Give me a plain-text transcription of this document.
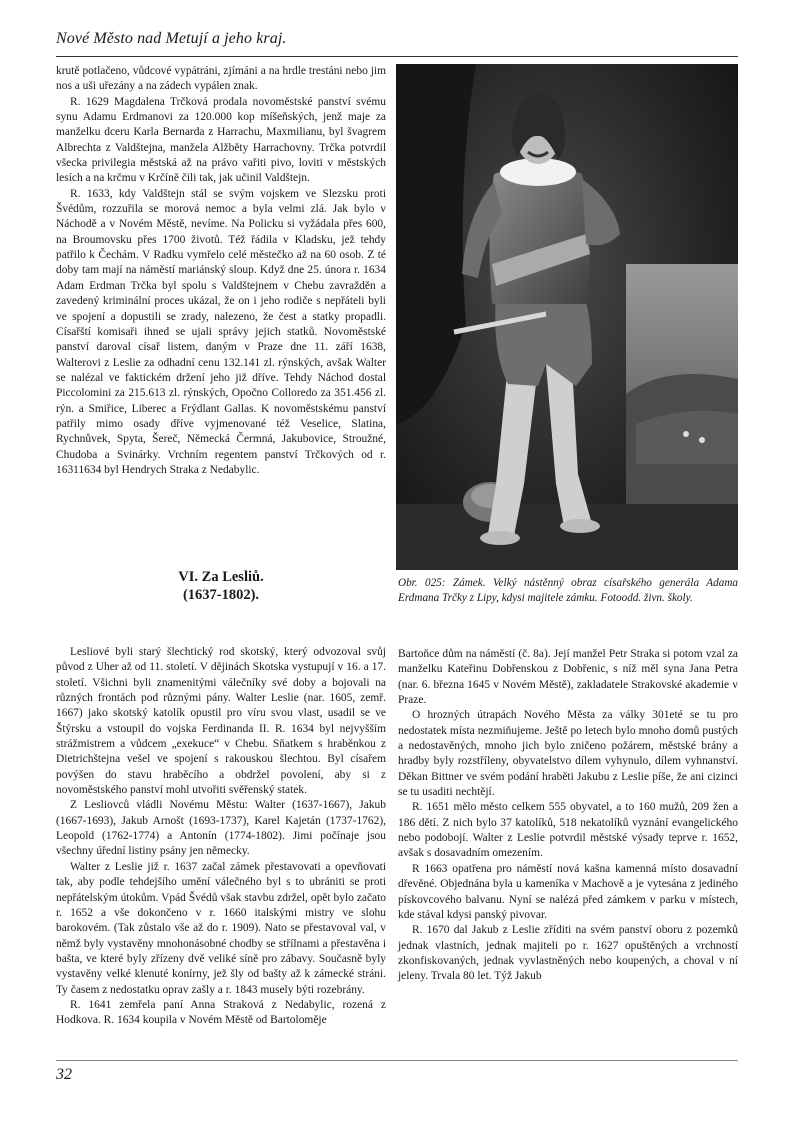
Nové Město nad Metují a jeho kraj.

krutě potlačeno, vůdcové vypátráni, zjímáni a na hrdle trestáni nebo jim nos a uši uřezány a na zádech vypálen znak.

R. 1629 Magdalena Trčková prodala novoměstské panství svému synu Adamu Erdmanovi za 120.000 kop míšeňských, jenž maje za manželku dceru Karla Bernarda z Harrachu, Maxmilianu, byl švagrem Albrechta z Valdštejna, manžela Alžběty Harrachovny. Trčka potvrdil všecka privilegia městská až na právo vařiti pivo, loviti v městských lesích a na krčmu v Krčíně čili tak, jak učinil Valdštejn.

R. 1633, kdy Valdštejn stál se svým vojskem ve Slezsku proti Švédům, rozzuřila se morová nemoc a byla velmi zlá. Jak bylo v Náchodě a v Novém Městě, nevíme. Na Policku si vyžádala přes 600, na Broumovsku přes 1700 životů. Též řádila v Kladsku, jež tehdy patřilo k Čechám. V Radku vymřelo celé městečko až na 60 osob. Z té doby tam mají na náměstí mariánský sloup. Když dne 25. února r. 1634 Adam Erdman Trčka byl spolu s Valdštejnem v Chebu zavražděn a zavedený kriminální proces ukázal, že on i jeho rodiče s nepřáteli byli ve spojení a dopustili se zrady, nalezeno, že čest a statky propadli. Císařští komisaři ihned se ujali správy jejich statků. Novoměstské panství daroval císař listem, daným v Praze dne 11. září 1638, Walterovi z Leslie za odhadní cenu 132.141 zl. rýnských, avšak Walter se nalézal ve faktickém držení jeho již dříve. Tehdy Náchod dostal Piccolomini za 215.613 zl. rýnských, Opočno Colloredo za 351.456 zl. rýn. a Smiřice, Liberec a Frýdlant Gallas. K novoměstskému panství patřily mimo osady dříve vyjmenované též Veselice, Slatina, Rychnůvek, Spyta, Šereč, Německá Čermná, Jakubovice, Stroužné, Chudoba a Svinárky. Vrchním regentem panství Trčkových od r. 16311634 byl Hendrych Straka z Nedabylic.

Obr. 025: Zámek. Velký nástěnný obraz císařského generála Adama Erdmana Trčky z Lipy, kdysi majitele zámku. Fotoodd. živn. školy.
VI. Za Lesliů.
(1637-1802).

Lesliové byli starý šlechtický rod skotský, který odvozoval svůj původ z Uher až od 11. století. V dějinách Skotska vystupují v 16. a 17. století. Všichni byli znamenitými válečníky své doby a bojovali na různých frontách pod různými pány. Walter Leslie (nar. 1605, zemř. 1667) jako skotský katolík opustil pro víru svou vlast, usadil se ve Štýrsku a vstoupil do vojska Ferdinanda II. R. 1634 byl nejvyšším strážmistrem a vůdcem „exekuce“ v Chebu. Sňatkem s hraběnkou z Dietrichštejna vešel ve spojení s rakouskou šlechtou. Byl císařem povýšen do stavu hraběcího a obdržel povolení, aby si z novoměstského panství mohl utvořiti svěřenský statek.

Z Lesliovců vládli Novému Městu: Walter (1637-1667), Jakub (1667-1693), Jakub Arnošt (1693-1737), Karel Kajetán (1737-1762), Leopold (1762-1774) a Antonín (1774-1802). Jimi počínaje jsou všechny úřední listiny psány jen německy.

Walter z Leslie již r. 1637 začal zámek přestavovati a opevňovati tak, aby podle tehdejšího umění válečného byl s to ubrániti se proti nepřátelským útokům. Vpád Švédů však stavbu zdržel, opět bylo začato r. 1652 a vše dokončeno v r. 1660 italskými mistry ve slohu barokovém. (Tak zůstalo vše až do r. 1909). Nato se přestavoval val, v němž byly vystavěny mnohonásobné chodby se střílnami a přestavěna i bašta, ve které byly zřízeny dvě veliké síně pro zábavy. Současně byly vystavěny velké klenuté konírny, jež šly od bašty až k zámecké stráni. Ty časem z nedostatku oprav zašly a r. 1843 musely býti rozebrány.

R. 1641 zemřela paní Anna Straková z Nedabylic, rozená z Hodkova. R. 1634 koupila v Novém Městě od Bartoloměje

Bartoňce dům na náměstí (č. 8a). Její manžel Petr Straka si potom vzal za manželku Kateřinu Dobřenskou z Dobřenic, s níž měl syna Jana Petra (nar. 6. března 1645 v Novém Městě), zakladatele Strakovské akademie v Praze.

O hrozných útrapách Nového Města za války 301eté se tu pro nedostatek místa nezmiňujeme. Ještě po letech bylo mnoho domů pustých a nedostavěných, mnoho jich bylo zničeno požárem, městské brány a hradby byly rozstříleny, obyvatelstvo dílem vyhynulo, dílem vyhnanství. Děkan Bittner ve svém podání hraběti Jakubu z Leslie píše, že ani cizinci se tu usaditi nechtějí.

R. 1651 mělo město celkem 555 obyvatel, a to 160 mužů, 209 žen a 186 dětí. Z nich bylo 37 katolíků, 518 nekatolíků vyznání evangelického nebo podobojí. Walter z Leslie potvrdil městské výsady teprve r. 1652, avšak s dosavadním omezením.

R 1663 opatřena pro náměstí nová kašna kamenná místo dosavadní dřevěné. Objednána byla u kameníka v Machově a je vytesána z jediného pískovcového balvanu. Nyní se nalézá před zámkem v parku v místech, kde stával kdysi panský pivovar.

R. 1670 dal Jakub z Leslie zříditi na svém panství oboru z pozemků jednak vlastních, jednak majiteli po r. 1627 opuštěných a vrchností zkonfiskovaných, jednak vyvlastněných nebo koupených, a choval v ní jeleny. Trvala 80 let. Týž Jakub

32
